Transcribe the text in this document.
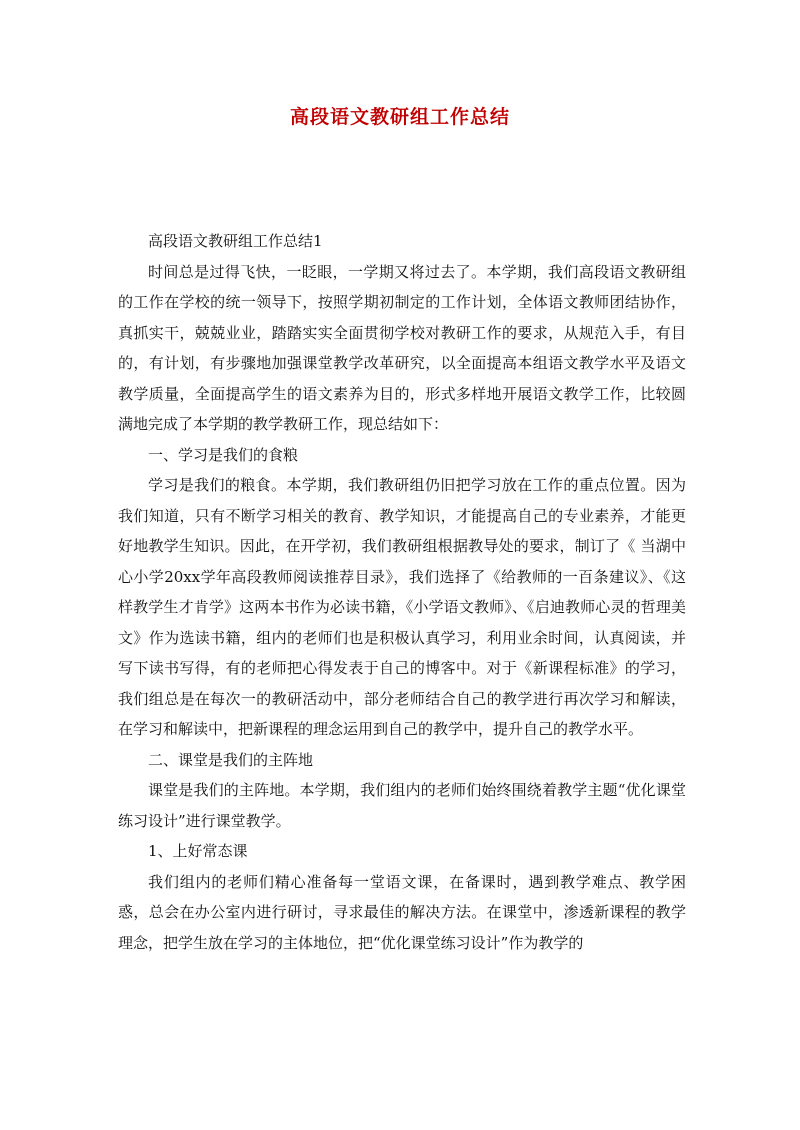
高段语文教研组工作总结

高段语文教研组工作总结1

时间总是过得飞快，一眨眼，一学期又将过去了。本学期，我们高段语文教研组的工作在学校的统一领导下，按照学期初制定的工作计划，全体语文教师团结协作，真抓实干，兢兢业业，踏踏实实全面贯彻学校对教研工作的要求，从规范入手，有目的，有计划，有步骤地加强课堂教学改革研究，以全面提高本组语文教学水平及语文教学质量，全面提高学生的语文素养为目的，形式多样地开展语文教学工作，比较圆满地完成了本学期的教学教研工作，现总结如下：

一、学习是我们的食粮

学习是我们的粮食。本学期，我们教研组仍旧把学习放在工作的重点位置。因为我们知道，只有不断学习相关的教育、教学知识，才能提高自己的专业素养，才能更好地教学生知识。因此，在开学初，我们教研组根据教导处的要求，制订了《 当湖中心小学20xx学年高段教师阅读推荐目录》，我们选择了《给教师的一百条建议》、《这样教学生才肯学》这两本书作为必读书籍，《小学语文教师》、《启迪教师心灵的哲理美文》作为选读书籍，组内的老师们也是积极认真学习，利用业余时间，认真阅读，并写下读书写得，有的老师把心得发表于自己的博客中。对于《新课程标准》的学习，我们组总是在每次一的教研活动中，部分老师结合自己的教学进行再次学习和解读，在学习和解读中，把新课程的理念运用到自己的教学中，提升自己的教学水平。

二、课堂是我们的主阵地

课堂是我们的主阵地。本学期，我们组内的老师们始终围绕着教学主题“优化课堂练习设计”进行课堂教学。

1、上好常态课

我们组内的老师们精心准备每一堂语文课，在备课时，遇到教学难点、教学困惑，总会在办公室内进行研讨，寻求最佳的解决方法。在课堂中，渗透新课程的教学理念，把学生放在学习的主体地位，把“优化课堂练习设计”作为教学的
